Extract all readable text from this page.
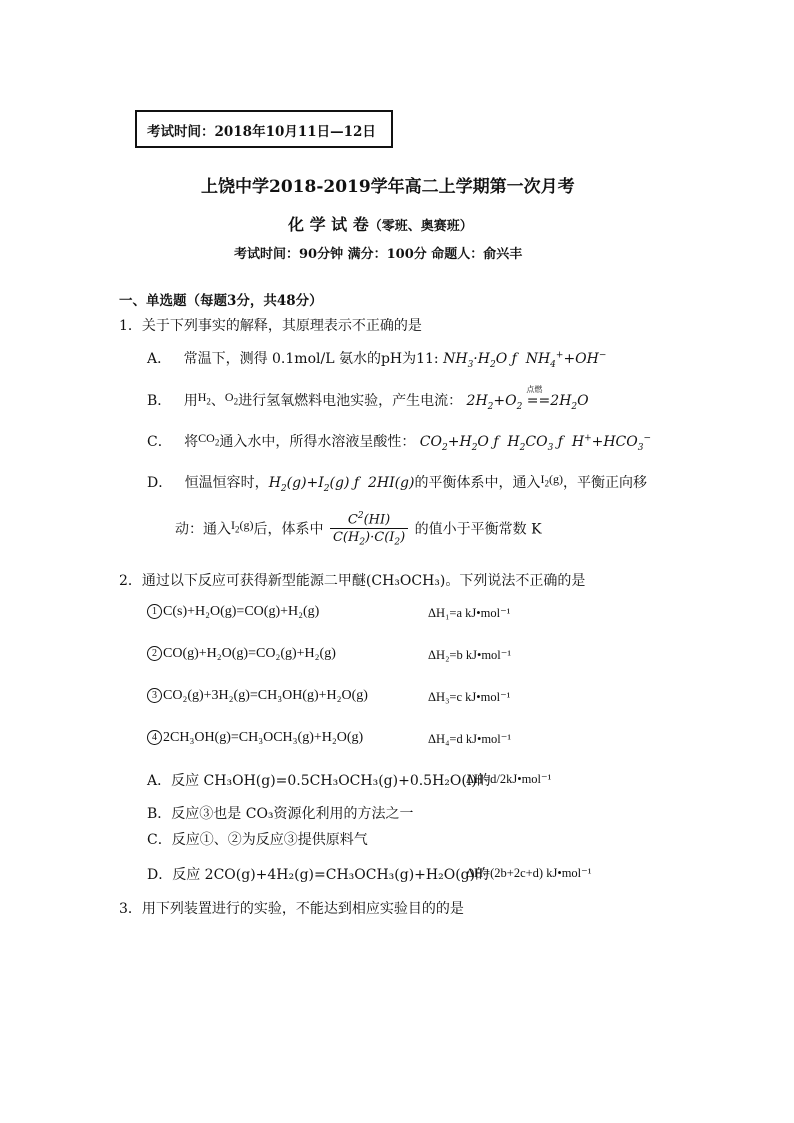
考试时间：2018年10月11日—12日
上饶中学2018-2019学年高二上学期第一次月考
化 学 试 卷（零班、奥赛班）
考试时间：90分钟 满分：100分 命题人：俞兴丰
一、单选题（每题3分，共48分）
1．关于下列事实的解释，其原理表示不正确的是
A． 常温下，测得 0.1mol/L 氨水的pH为11: $NH_3\cdot H_2O$ ƒ  $NH_4^++OH^-$
B． 用$H_2$、$O_2$进行氢氧燃料电池实验，产生电流： $2H_2+O_2$ ==
点燃
$2H_2O$
C． 将$CO_2$通入水中，所得水溶液呈酸性： $CO_2+H_2O$ ƒ  $H_2CO_3$ ƒ  $H^++HCO_3^-$
D． 恒温恒容时，$H_2(g)+I_2(g)$ ƒ  2HI(g)的平衡体系中，通入$I_2(g)$，平衡正向移
动：通入$I_2(g)$后，体系中 $\frac{C^2(HI)}{C(H_2)\cdot C(I_2)}$ 的值小于平衡常数 K
2．通过以下反应可获得新型能源二甲醚(CH₃OCH₃)。下列说法不正确的是
1 C(s)+H₂O(g)=CO(g)+H₂(g)	ΔH₁=a kJ•mol⁻¹
2 CO(g)+H₂O(g)=CO₂(g)+H₂(g)	ΔH₂=b kJ•mol⁻¹
3 CO₂(g)+3H₂(g)=CH₃OH(g)+H₂O(g)	ΔH₃=c kJ•mol⁻¹
4 2CH₃OH(g)=CH₃OCH₃(g)+H₂O(g)	ΔH₄=d kJ•mol⁻¹
A．反应 CH₃OH(g)=0.5CH₃OCH₃(g)+0.5H₂O(l)的
ΔH=d/2kJ•mol⁻¹
B．反应③也是 CO₃资源化利用的方法之一
C．反应①、②为反应③提供原料气
D．反应 2CO(g)+4H₂(g)=CH₃OCH₃(g)+H₂O(g)的
ΔH=(2b+2c+d) kJ•mol⁻¹
3．用下列装置进行的实验，不能达到相应实验目的的是
